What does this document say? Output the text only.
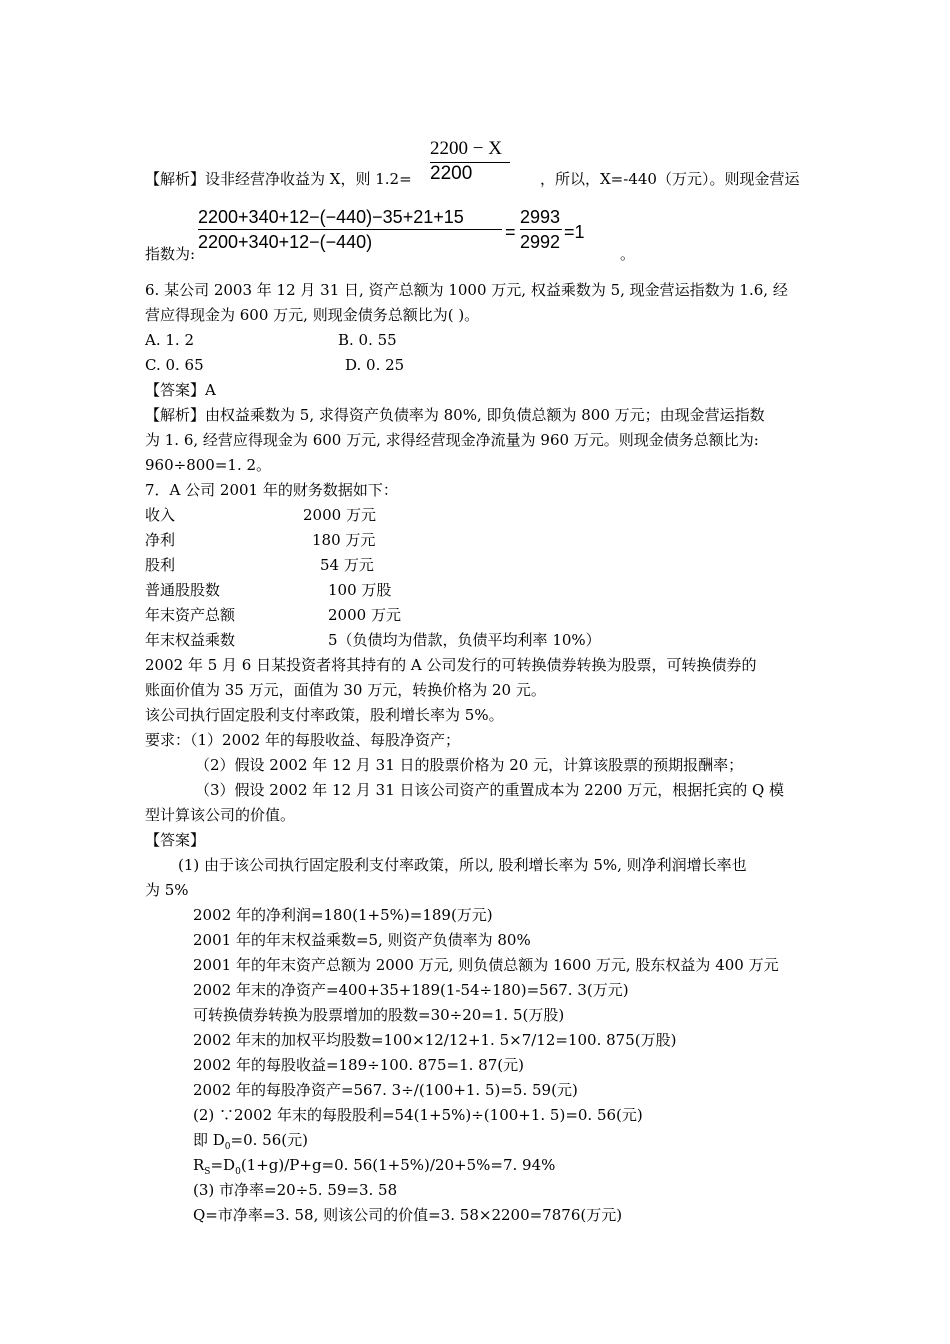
2200 − X
2200
【解析】设非经营净收益为 X，则 1.2=	，所以，X=-440（万元）。则现金营运
2200+340+12−(−440)−35+21+15
2200+340+12−(−440)	=
2993
2992 =1
指数为:	。
6. 某公司 2003 年 12 月 31 日, 资产总额为 1000 万元, 权益乘数为 5, 现金营运指数为 1.6, 经
营应得现金为 600 万元, 则现金债务总额比为( )。
A. 1. 2	B. 0. 55
C. 0. 65	D. 0. 25
【答案】A
【解析】由权益乘数为 5, 求得资产负债率为 80%, 即负债总额为 800 万元；由现金营运指数
为 1. 6, 经营应得现金为 600 万元, 求得经营现金净流量为 960 万元。则现金债务总额比为:
960÷800=1. 2。
7．A 公司 2001 年的财务数据如下：
收入	2000 万元
净利	180 万元
股利	54 万元
普通股股数	100 万股
年末资产总额	2000 万元
年末权益乘数	5（负债均为借款，负债平均利率 10%）
2002 年 5 月 6 日某投资者将其持有的 A 公司发行的可转换债券转换为股票，可转换债券的
账面价值为 35 万元，面值为 30 万元，转换价格为 20 元。
该公司执行固定股利支付率政策，股利增长率为 5%。
要求：（1）2002 年的每股收益、每股净资产；
（2）假设 2002 年 12 月 31 日的股票价格为 20 元，计算该股票的预期报酬率；
（3）假设 2002 年 12 月 31 日该公司资产的重置成本为 2200 万元，根据托宾的 Q 模
型计算该公司的价值。
【答案】
(1) 由于该公司执行固定股利支付率政策，所以, 股利增长率为 5%, 则净利润增长率也
为 5%
2002 年的净利润=180(1+5%)=189(万元)
2001 年的年末权益乘数=5, 则资产负债率为 80%
2001 年的年末资产总额为 2000 万元, 则负债总额为 1600 万元, 股东权益为 400 万元
2002 年末的净资产=400+35+189(1-54÷180)=567. 3(万元)
可转换债券转换为股票增加的股数=30÷20=1. 5(万股)
2002 年末的加权平均股数=100×12/12+1. 5×7/12=100. 875(万股)
2002 年的每股收益=189÷100. 875=1. 87(元)
2002 年的每股净资产=567. 3÷/(100+1. 5)=5. 59(元)
(2) ∵2002 年末的每股股利=54(1+5%)÷(100+1. 5)=0. 56(元)
即 $D_0=0$. 56(元)
$R_S=D_0(1+g)/P+g=0$. 56(1+5%)/20+5%=7. 94%
(3) 市净率=20÷5. 59=3. 58
Q=市净率=3. 58, 则该公司的价值=3. 58×2200=7876(万元)
